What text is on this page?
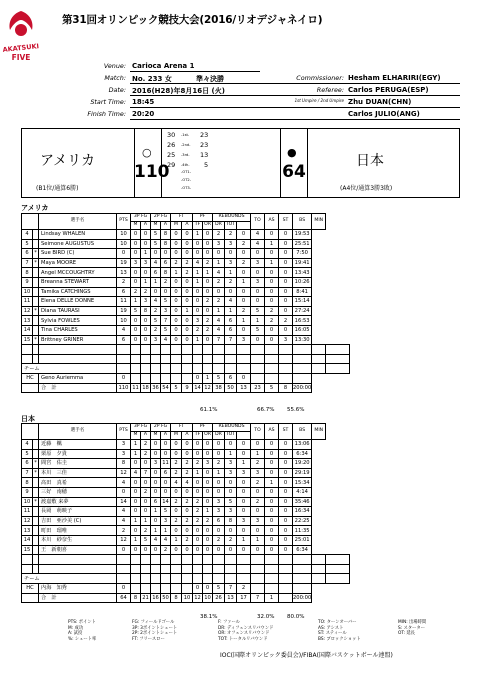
AKATSUKI
FIVE
第31回オリンピック競技大会(2016/リオデジャネイロ)
Venue: Carioca Arena 1
Match: No. 233 女	準々決勝	Commissioner: Hesham ELHARIRI(EGY)
Date: 2016(H28)年8月16日 (火)	Referee: Carlos PERUGA(ESP)
Start Time: 18:45	1st Umpire / 2nd Umpire Zhu DUAN(CHN)
Finish Time: 20:20	Carlos JULIO(ANG)
アメリカ
(B1位/通算6勝)
○
110
30 -1st- 23
26 -2nd- 23
25 -3rd- 13
29 -4th- 5
-OT1-
-OT2-
-OT3-
●
64
日本
(A4位/通算3勝3敗)
アメリカ
日本
		選手名	PTS	3P FG		2P FG		FT		PF		REBOUNDS			TO	AS	ST	BS	MIN	
				M	A	M	A	M	A	TF	OR	DR	TOT							
4		Lindsay WHALEN	10	0	0	5	8	0	0	1	0	2	2	0	4	0	0	19:53		
5		Seimone AUGUSTUS	10	0	0	5	8	0	0	0	0	3	3	2	4	1	0	25:51		
6	*	Sue BIRD (C)	0	0	1	0	0	0	0	0	0	0	0	0	0	0	0	7:50		
7	*	Maya MOORE	19	3	3	4	6	2	2	4	2	1	3	2	3	1	0	19:41		
8		Angel MCCOUGHTRY	13	0	0	6	8	1	2	1	1	4	1	0	0	0	0	13:43		
9		Breanna STEWART	2	0	1	1	2	0	0	1	0	2	2	1	3	0	0	10:26		
10		Tamika CATCHINGS	6	2	2	0	0	0	0	0	0	0	0	0	0	0	0	8:41		
11		Elena DELLE DONNE	11	1	3	4	5	0	0	0	2	2	4	0	0	0	0	15:14		
12	*	Diana TAURASI	19	5	8	2	3	0	1	0	0	1	1	2	5	2	0	27:24		
13		Sylvia FOWLES	10	0	0	5	7	0	0	3	2	4	6	1	1	2	2	16:53		
14		Tina CHARLES	4	0	0	2	5	0	0	2	2	4	6	0	5	0	0	16:05		
15	*	Brittney GRINER	6	0	0	3	4	0	0	1	0	7	7	3	0	0	3	13:30		

チーム																				
HC		Geno Auriemma	0							0	1	5	6	0						
		合　計	110	11	18	36	54	5	9	14	12	38	50	13	23	5	8	200:00		
		選手名	PTS	3P FG		2P FG		FT		PF		REBOUNDS			TO	AS	ST	BS	MIN	
				M	A	M	A	M	A	TF	OR	DR	TOT							
4		近藤　楓	3	1	2	0	0	0	0	0	0	0	0	0	0	0	0	13:06		
5		栗原　夕貴	3	1	2	0	0	0	0	0	0	0	1	0	1	0	0	6:34		
6	*	間宮　佑圭	8	0	0	3	11	2	2	2	3	2	3	1	2	0	0	19:20		
7	*	本川　三佳	12	4	7	0	6	2	2	1	0	1	3	3	3	0	0	29:19		
8		髙田　真希	4	0	0	0	0	4	4	0	0	0	0	0	2	1	0	15:34		
9		三好　南穂	0	0	2	0	0	0	0	0	0	0	0	0	0	0	0	4:14		
10	*	渡嘉敷 来夢	14	0	0	6	14	2	2	2	0	3	5	0	2	0	0	35:46		
11		長岡　萌映子	4	0	0	1	5	0	0	2	1	3	3	0	0	0	0	16:34		
12		吉田　亜沙美 (C)	4	1	1	0	3	2	2	2	2	6	8	3	3	0	0	22:25		
13		町田　瑠唯	2	0	2	1	1	0	0	0	0	0	0	0	0	0	0	11:35		
14		本川　紗奈生	12	1	5	4	4	1	2	0	0	2	2	1	1	0	0	25:01		
15		王　新朝喜	0	0	0	0	2	0	0	0	0	0	0	0	0	0	0	6:34		

チーム																				
HC		内海　知秀	0							0	0	5	7	2						
		合　計	64	8	21	16	50	8	10	12	10	26	13	17	7	1		200:00		
61.1%	66.7% 55.6%
38.1%	32.0% 80.0%
PTS: ポイント	FG: フィールドゴール	F: ファール	TO: ターンオーバー	MIN: 出場時間
M: 成功	3P: 3ポイントシュート	DR: ディフェンスリバウンド	AS: アシスト	S: スターター
A: 試投	2P: 2ポイントシュート	OR: オフェンスリバウンド	ST: スティール	OT: 延長
%: シュート率	FT: フリースロー	TOT: トータルリバウンド	BS: ブロックショット
IOC(国際オリンピック委員会)/FIBA(国際バスケットボール連盟)
